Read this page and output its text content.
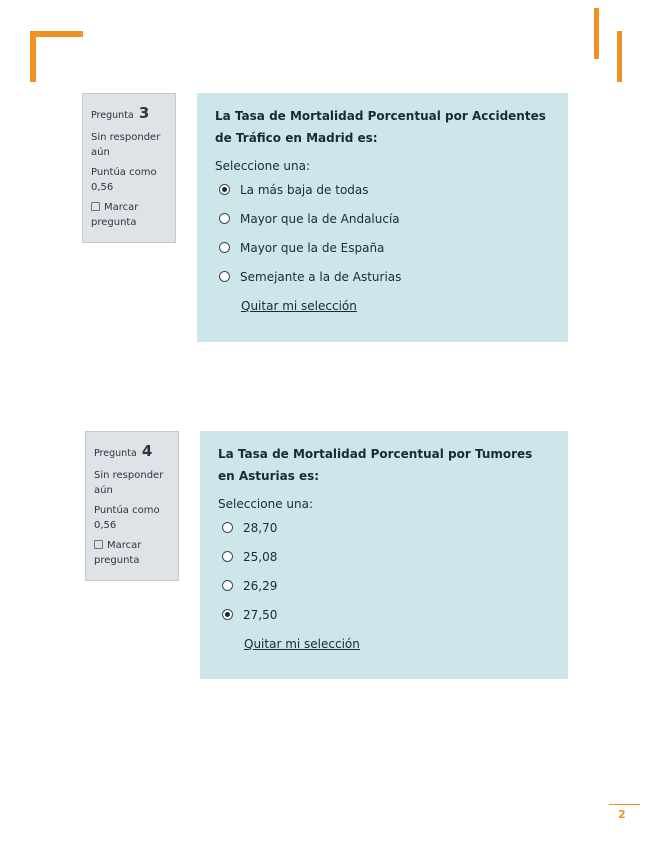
Pregunta 3

Sin responder aún

Puntúa como 0,56

Marcar pregunta

La Tasa de Mortalidad Porcentual por Accidentes de Tráfico en Madrid es:

Seleccione una:

La más baja de todas
Mayor que la de Andalucía
Mayor que la de España
Semejante a la de Asturias
Quitar mi selección
Pregunta 4

Sin responder aún

Puntúa como 0,56

Marcar pregunta

La Tasa de Mortalidad Porcentual por Tumores en Asturias es:

Seleccione una:

28,70
25,08
26,29
27,50
Quitar mi selección
2
